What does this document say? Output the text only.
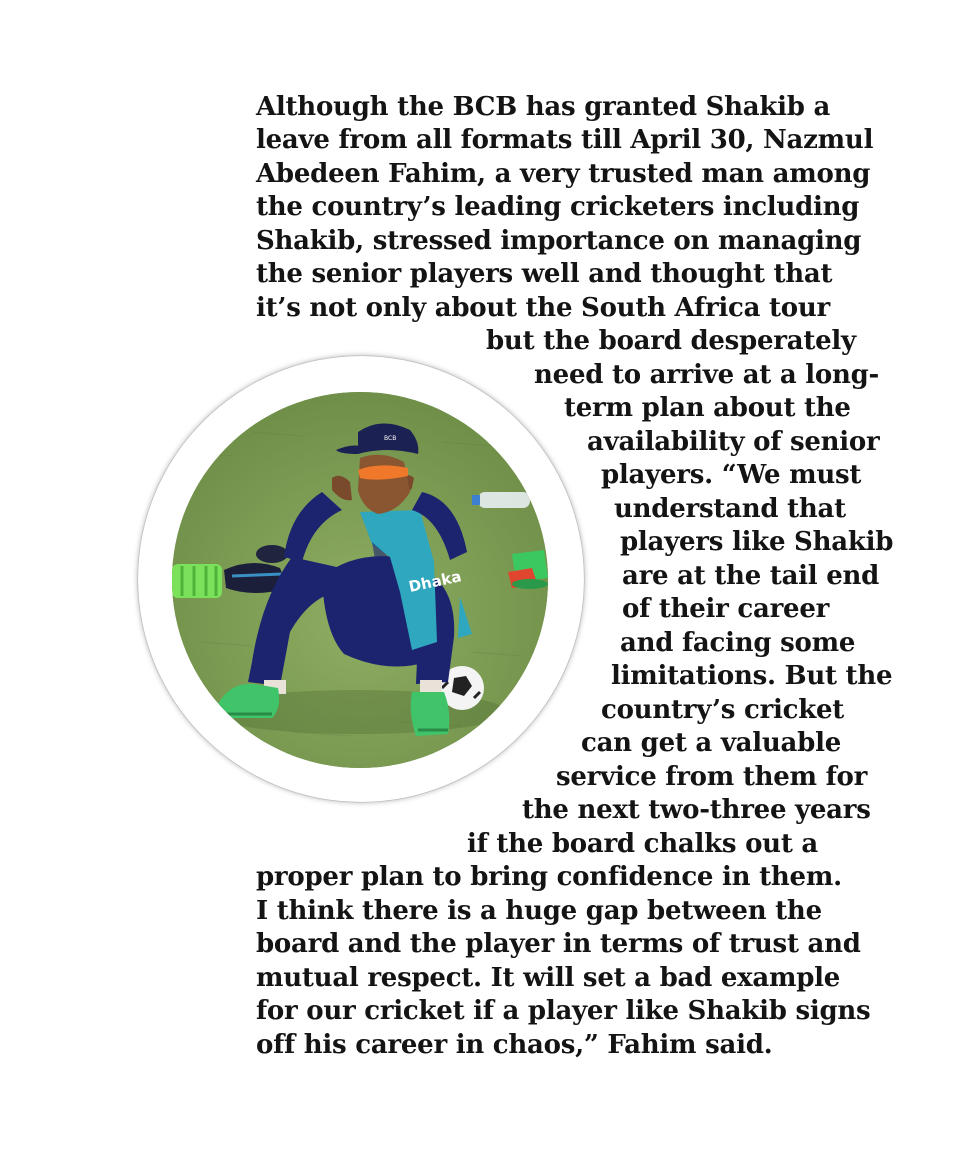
Although the BCB has granted Shakib a

leave from all formats till April 30, Nazmul

Abedeen Fahim, a very trusted man among

the country’s leading cricketers including

Shakib, stressed importance on managing

the senior players well and thought that

it’s not only about the South Africa tour

but the board desperately

need to arrive at a long-

term plan about the

availability of senior

players. “We must

understand that

players like Shakib

are at the tail end

of their career

and facing some

limitations. But the

country’s cricket

can get a valuable

service from them for

the next two-three years

if the board chalks out a

proper plan to bring confidence in them.

I think there is a huge gap between the

board and the player in terms of trust and

mutual respect. It will set a bad example

for our cricket if a player like Shakib signs

off his career in chaos,” Fahim said.

Dhaka
BCB
